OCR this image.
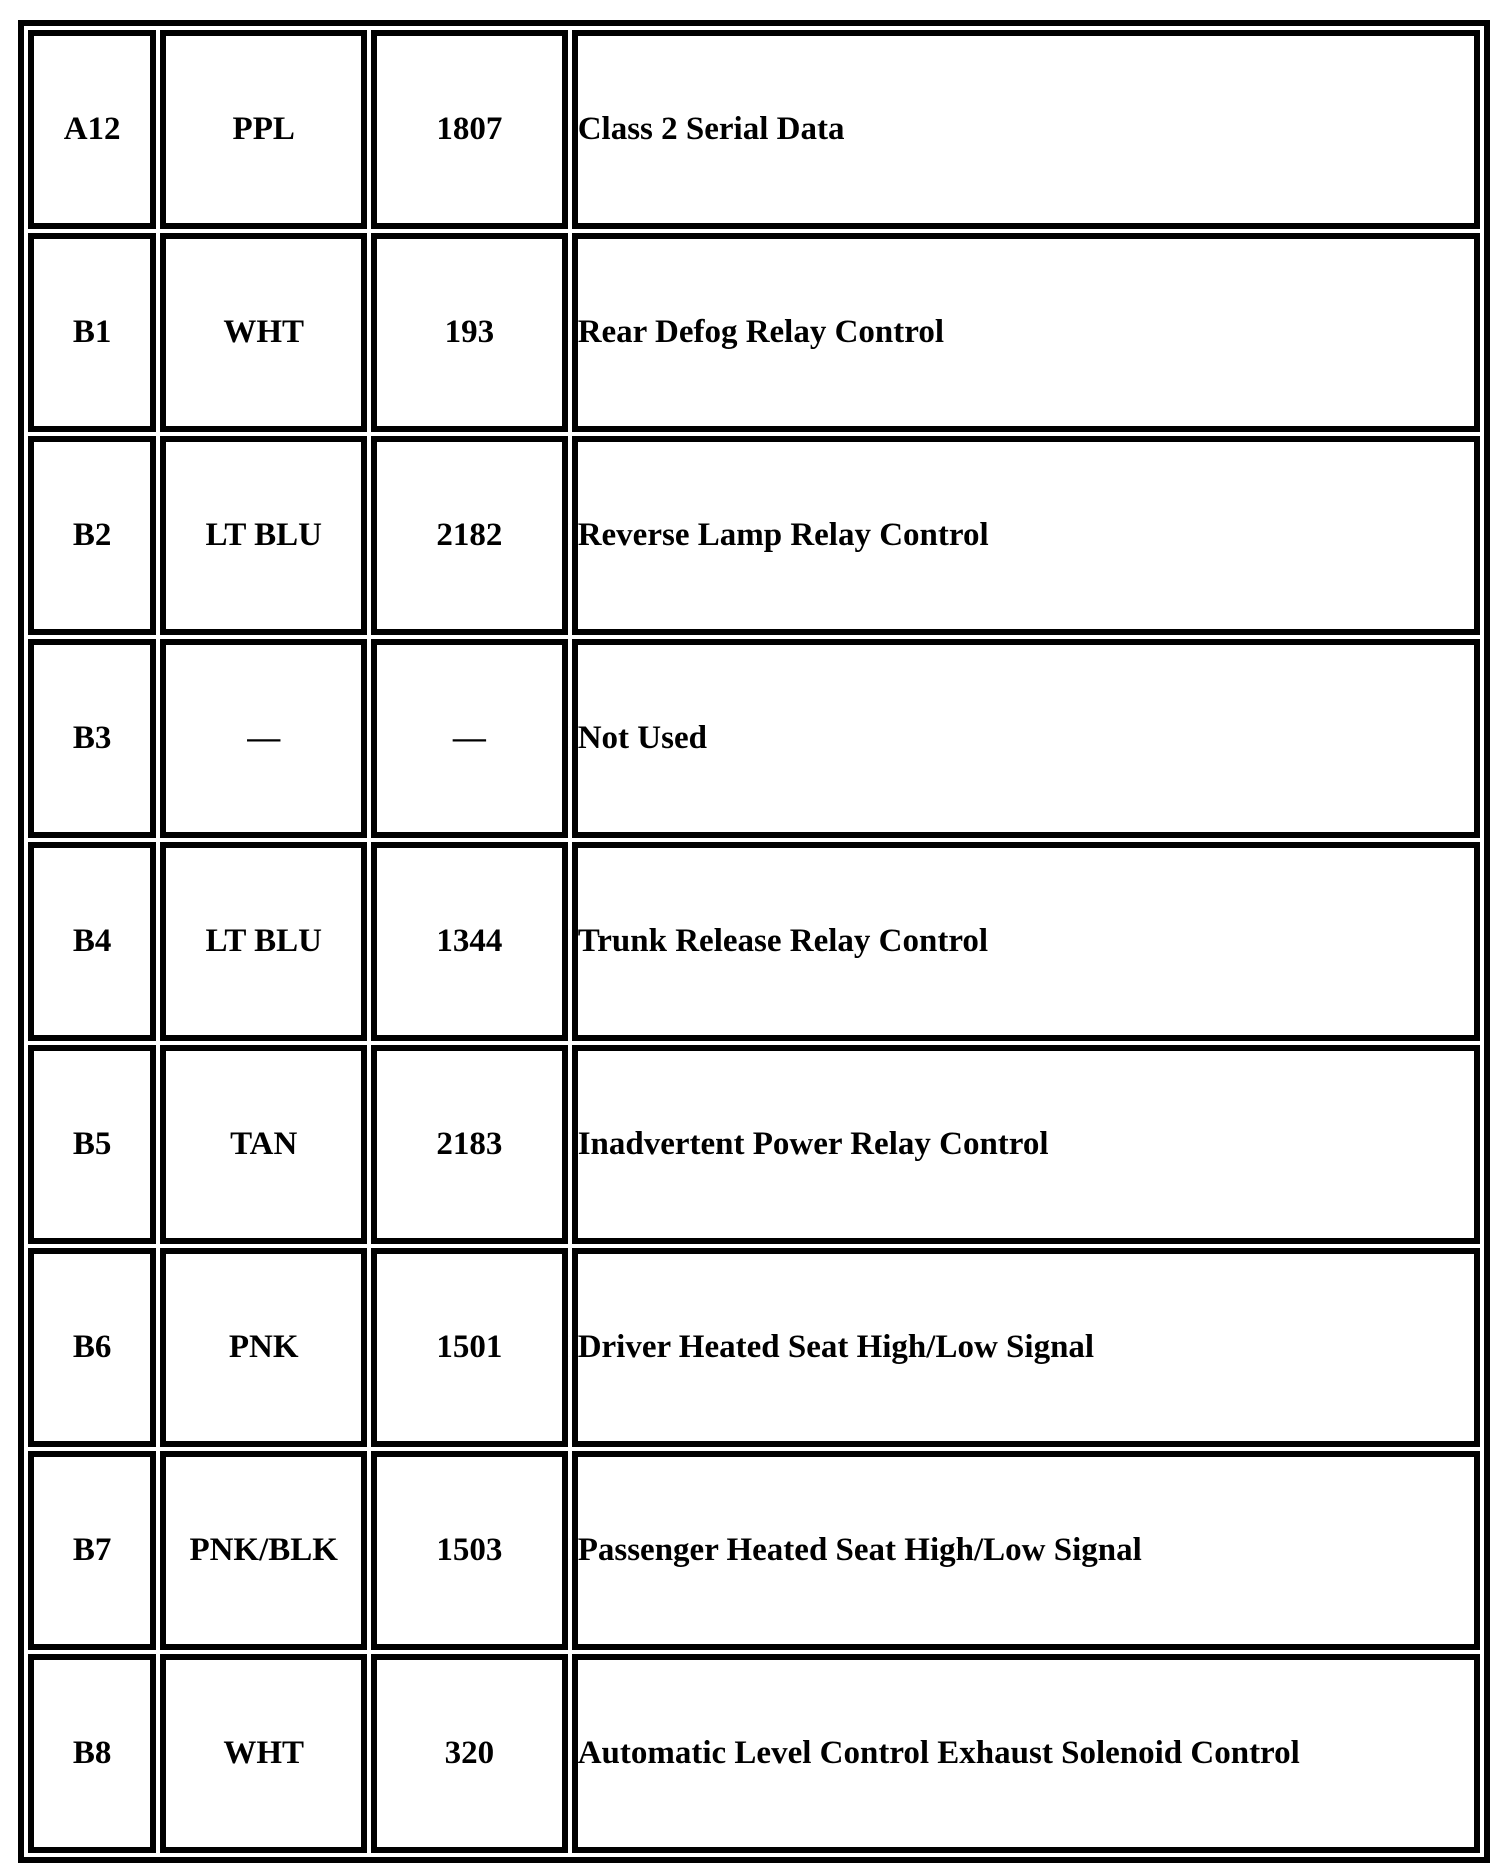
A12	PPL	1807	Class 2 Serial Data
B1	WHT	193	Rear Defog Relay Control
B2	LT BLU	2182	Reverse Lamp Relay Control
B3	—	—	Not Used
B4	LT BLU	1344	Trunk Release Relay Control
B5	TAN	2183	Inadvertent Power Relay Control
B6	PNK	1501	Driver Heated Seat High/Low Signal
B7	PNK/BLK	1503	Passenger Heated Seat High/Low Signal
B8	WHT	320	Automatic Level Control Exhaust Solenoid Control
